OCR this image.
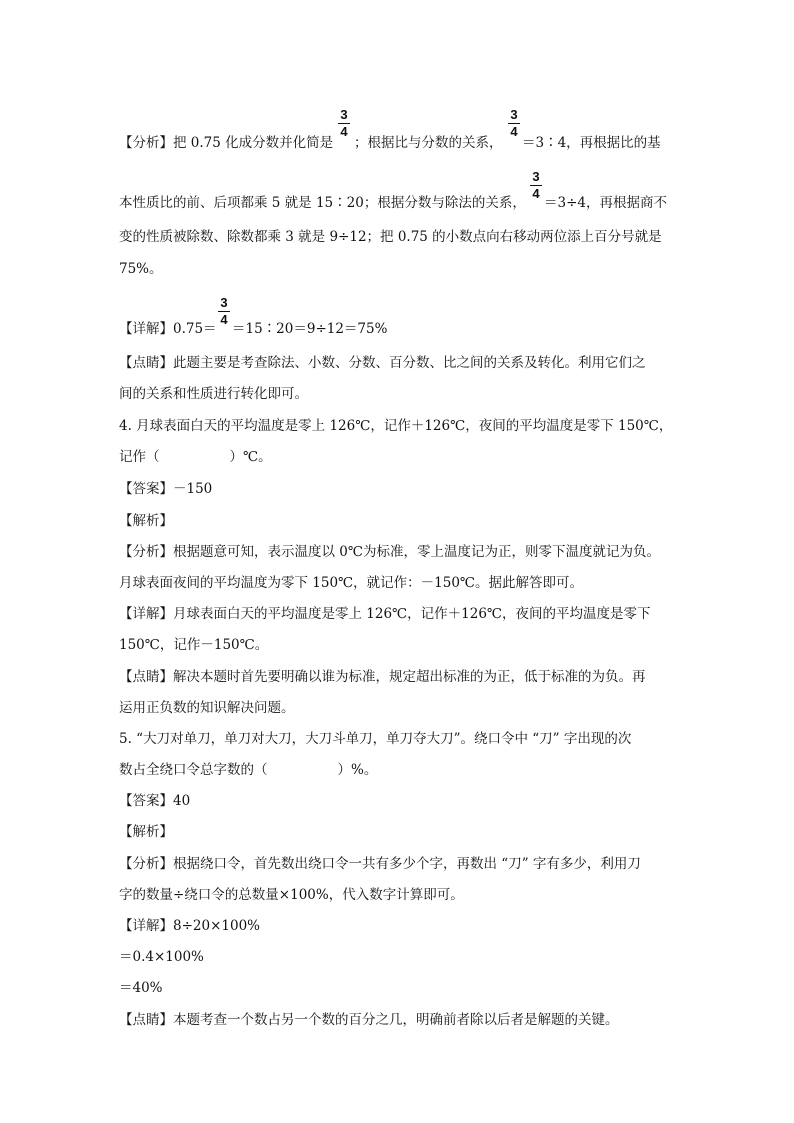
【分析】把 0.75 化成分数并化简是
3
4
；根据比与分数的关系，
3
4
＝3∶4，再根据比的基
本性质比的前、后项都乘 5 就是 15∶20；根据分数与除法的关系，
3
4
＝3÷4，再根据商不
变的性质被除数、除数都乘 3 就是 9÷12；把 0.75 的小数点向右移动两位添上百分号就是
75%。
【详解】0.75＝
3
4
＝15∶20＝9÷12＝75%
【点睛】此题主要是考查除法、小数、分数、百分数、比之间的关系及转化。利用它们之
间的关系和性质进行转化即可。
4. 月球表面白天的平均温度是零上 126℃，记作＋126℃，夜间的平均温度是零下 150℃，
记作（	）℃。
【答案】－150
【解析】
【分析】根据题意可知，表示温度以 0℃为标准，零上温度记为正，则零下温度就记为负。
月球表面夜间的平均温度为零下 150℃，就记作：－150℃。据此解答即可。
【详解】月球表面白天的平均温度是零上 126℃，记作＋126℃，夜间的平均温度是零下
150℃，记作－150℃。
【点睛】解决本题时首先要明确以谁为标准，规定超出标准的为正，低于标准的为负。再
运用正负数的知识解决问题。
5. “大刀对单刀，单刀对大刀，大刀斗单刀，单刀夺大刀”。绕口令中 “刀” 字出现的次
数占全绕口令总字数的（	）%。
【答案】40
【解析】
【分析】根据绕口令，首先数出绕口令一共有多少个字，再数出 “刀” 字有多少，利用刀
字的数量÷绕口令的总数量×100%，代入数字计算即可。
【详解】8÷20×100%
＝0.4×100%
＝40%
【点睛】本题考查一个数占另一个数的百分之几，明确前者除以后者是解题的关键。
